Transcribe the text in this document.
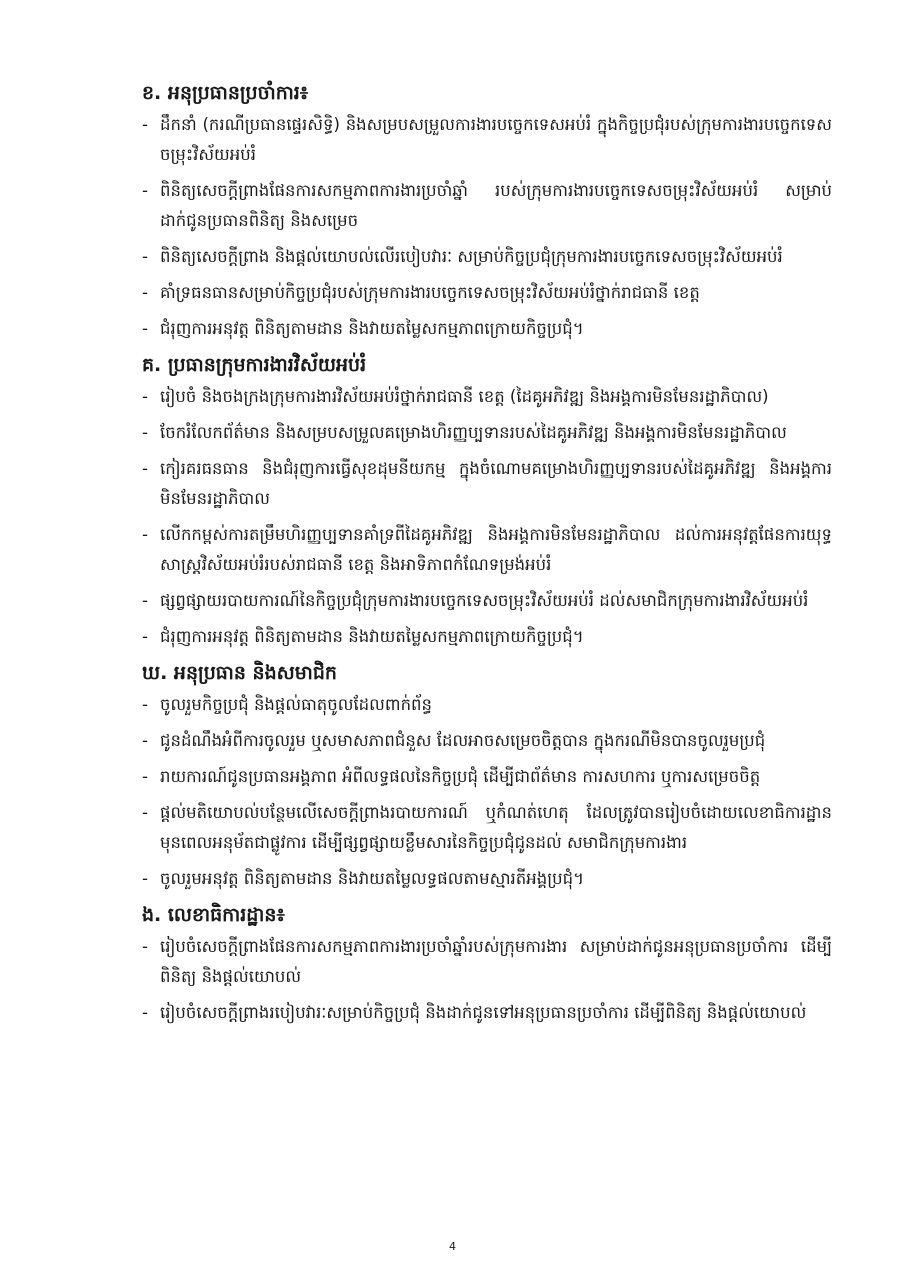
ខ. អនុប្រធានប្រចាំការ៖
- ដឹកនាំ (ករណីប្រធានផ្ទេរសិទ្ធិ) និងសម្របសម្រួលការងារបច្ចេកទេសអប់រំ ក្នុងកិច្ចប្រជុំរបស់ក្រុមការងារបច្ចេកទេសចម្រុះវិស័យអប់រំ
- ពិនិត្យសេចក្តីព្រាងផែនការសកម្មភាពការងារប្រចាំឆ្នាំ របស់ក្រុមការងារបច្ចេកទេសចម្រុះវិស័យអប់រំ សម្រាប់ដាក់ជូនប្រធានពិនិត្យ និងសម្រេច
- ពិនិត្យសេចក្តីព្រាង និងផ្តល់យោបល់លើរបៀបវារៈ សម្រាប់កិច្ចប្រជុំក្រុមការងារបច្ចេកទេសចម្រុះវិស័យអប់រំ
- គាំទ្រធនធានសម្រាប់កិច្ចប្រជុំរបស់ក្រុមការងារបច្ចេកទេសចម្រុះវិស័យអប់រំថ្នាក់រាជធានី ខេត្ត
- ជំរុញការអនុវត្ត ពិនិត្យតាមដាន និងវាយតម្លៃសកម្មភាពក្រោយកិច្ចប្រជុំ។
គ. ប្រធានក្រុមការងារវិស័យអប់រំ
- រៀបចំ និងចងក្រងក្រុមការងារវិស័យអប់រំថ្នាក់រាជធានី ខេត្ត (ដៃគូអភិវឌ្ឍ និងអង្គការមិនមែនរដ្ឋាភិបាល)
- ចែករំលែកព័ត៌មាន និងសម្របសម្រួលគម្រោងហិរញ្ញប្បទានរបស់ដៃគូអភិវឌ្ឍ និងអង្គការមិនមែនរដ្ឋាភិបាល
- កៀរគរធនធាន និងជំរុញការធ្វើសុខដុមនីយកម្ម ក្នុងចំណោមគម្រោងហិរញ្ញប្បទានរបស់ដៃគូអភិវឌ្ឍ និងអង្គការមិនមែនរដ្ឋាភិបាល
- លើកកម្ពស់ការតម្រឹមហិរញ្ញប្បទានគាំទ្រពីដៃគូអភិវឌ្ឍ និងអង្គការមិនមែនរដ្ឋាភិបាល ដល់ការអនុវត្តផែនការយុទ្ធសាស្ត្រវិស័យអប់រំរបស់រាជធានី ខេត្ត និងអាទិភាពកំណែទម្រង់អប់រំ
- ផ្សព្វផ្សាយរបាយការណ៍នៃកិច្ចប្រជុំក្រុមការងារបច្ចេកទេសចម្រុះវិស័យអប់រំ ដល់សមាជិកក្រុមការងារវិស័យអប់រំ
- ជំរុញការអនុវត្ត ពិនិត្យតាមដាន និងវាយតម្លៃសកម្មភាពក្រោយកិច្ចប្រជុំ។
ឃ. អនុប្រធាន និងសមាជិក
- ចូលរួមកិច្ចប្រជុំ និងផ្តល់ធាតុចូលដែលពាក់ព័ន្ធ
- ជូនដំណឹងអំពីការចូលរួម ឬសមាសភាពជំនួស ដែលអាចសម្រេចចិត្តបាន ក្នុងករណីមិនបានចូលរួមប្រជុំ
- រាយការណ៍ជូនប្រធានអង្គភាព អំពីលទ្ធផលនៃកិច្ចប្រជុំ ដើម្បីជាព័ត៌មាន ការសហការ ឬការសម្រេចចិត្ត
- ផ្តល់មតិយោបល់បន្ថែមលើសេចក្តីព្រាងរបាយការណ៍ ឬកំណត់ហេតុ ដែលត្រូវបានរៀបចំដោយលេខាធិការដ្ឋាន មុនពេលអនុម័តជាផ្លូវការ ដើម្បីផ្សព្វផ្សាយខ្លឹមសារនៃកិច្ចប្រជុំជូនដល់ សមាជិកក្រុមការងារ
- ចូលរួមអនុវត្ត ពិនិត្យតាមដាន និងវាយតម្លៃលទ្ធផលតាមស្មារតីអង្គប្រជុំ។
ង. លេខាធិការដ្ឋាន៖
- រៀបចំសេចក្តីព្រាងផែនការសកម្មភាពការងារប្រចាំឆ្នាំរបស់ក្រុមការងារ សម្រាប់ដាក់ជូនអនុប្រធានប្រចាំការ ដើម្បីពិនិត្យ និងផ្តល់យោបល់
- រៀបចំសេចក្តីព្រាងរបៀបវារៈសម្រាប់កិច្ចប្រជុំ និងដាក់ជូនទៅអនុប្រធានប្រចាំការ ដើម្បីពិនិត្យ និងផ្តល់យោបល់
4
